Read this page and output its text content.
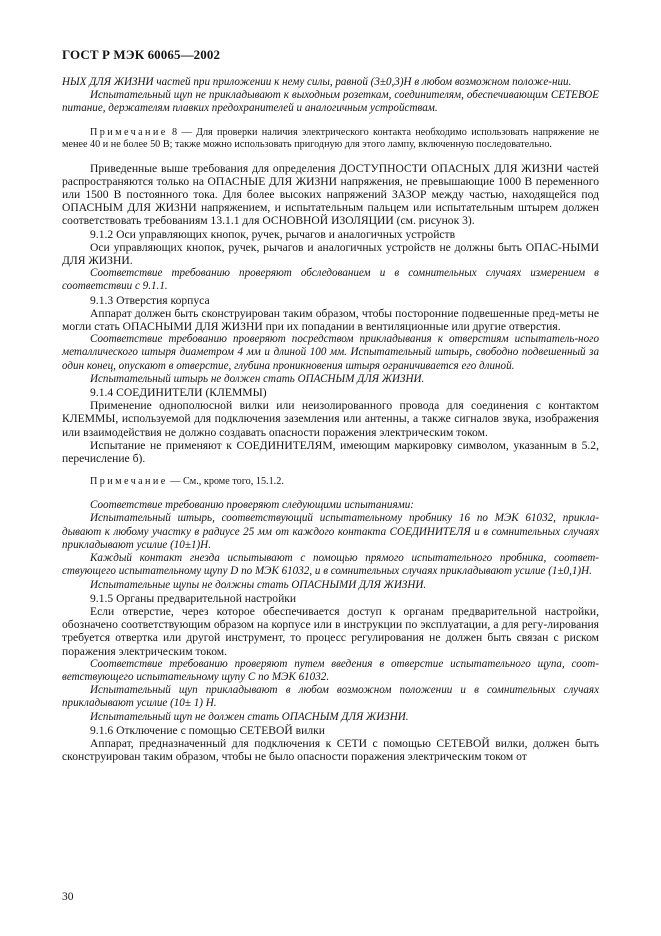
ГОСТ Р МЭК 60065—2002

НЫХ ДЛЯ ЖИЗНИ частей при приложении к нему силы, равной (3±0,3)Н в любом возможном положе-нии.

Испытательный щуп не прикладывают к выходным розеткам, соединителям, обеспечивающим СЕТЕВОЕ питание, держателям плавких предохранителей и аналогичным устройствам.

Примечание 8 — Для проверки наличия электрического контакта необходимо использовать напряжение не менее 40 и не более 50 В; также можно использовать пригодную для этого лампу, включенную последовательно.

Приведенные выше требования для определения ДОСТУПНОСТИ ОПАСНЫХ ДЛЯ ЖИЗНИ частей распространяются только на ОПАСНЫЕ ДЛЯ ЖИЗНИ напряжения, не превышающие 1000 В переменного или 1500 В постоянного тока. Для более высоких напряжений ЗАЗОР между частью, находящейся под ОПАСНЫМ ДЛЯ ЖИЗНИ напряжением, и испытательным пальцем или испытательным штырем должен соответствовать требованиям 13.1.1 для ОСНОВНОЙ ИЗОЛЯЦИИ (см. рисунок 3).

9.1.2 Оси управляющих кнопок, ручек, рычагов и аналогичных устройств

Оси управляющих кнопок, ручек, рычагов и аналогичных устройств не должны быть ОПАС-НЫМИ ДЛЯ ЖИЗНИ.

Соответствие требованию проверяют обследованием и в сомнительных случаях измерением в соответствии с 9.1.1.

9.1.3 Отверстия корпуса

Аппарат должен быть сконструирован таким образом, чтобы посторонние подвешенные пред-меты не могли стать ОПАСНЫМИ ДЛЯ ЖИЗНИ при их попадании в вентиляционные или другие отверстия.

Соответствие требованию проверяют посредством прикладывания к отверстиям испытатель-ного металлического штыря диаметром 4 мм и длиной 100 мм. Испытательный штырь, свободно подвешенный за один конец, опускают в отверстие, глубина проникновения штыря ограничивается его длиной.

Испытательный штырь не должен стать ОПАСНЫМ ДЛЯ ЖИЗНИ.

9.1.4 СОЕДИНИТЕЛИ (КЛЕММЫ)

Применение однополюсной вилки или неизолированного провода для соединения с контактом КЛЕММЫ, используемой для подключения заземления или антенны, а также сигналов звука, изображения или взаимодействия не должно создавать опасности поражения электрическим током.

Испытание не применяют к СОЕДИНИТЕЛЯМ, имеющим маркировку символом, указанным в 5.2, перечисление б).

Примечание — См., кроме того, 15.1.2.

Соответствие требованию проверяют следующими испытаниями:

Испытательный штырь, соответствующий испытательному пробнику 16 по МЭК 61032, прикла-дывают к любому участку в радиусе 25 мм от каждого контакта СОЕДИНИТЕЛЯ и в сомнительных случаях прикладывают усилие (10±1)Н.

Каждый контакт гнезда испытывают с помощью прямого испытательного пробника, соответ-ствующего испытательному щупу D по МЭК 61032, и в сомнительных случаях прикладывают усилие (1±0,1)Н.

Испытательные щупы не должны стать ОПАСНЫМИ ДЛЯ ЖИЗНИ.

9.1.5 Органы предварительной настройки

Если отверстие, через которое обеспечивается доступ к органам предварительной настройки, обозначено соответствующим образом на корпусе или в инструкции по эксплуатации, а для регу-лирования требуется отвертка или другой инструмент, то процесс регулирования не должен быть связан с риском поражения электрическим током.

Соответствие требованию проверяют путем введения в отверстие испытательного щупа, соот-ветствующего испытательному щупу С по МЭК 61032.

Испытательный щуп прикладывают в любом возможном положении и в сомнительных случаях прикладывают усилие (10± 1) Н.

Испытательный щуп не должен стать ОПАСНЫМ ДЛЯ ЖИЗНИ.

9.1.6 Отключение с помощью СЕТЕВОЙ вилки

Аппарат, предназначенный для подключения к СЕТИ с помощью СЕТЕВОЙ вилки, должен быть сконструирован таким образом, чтобы не было опасности поражения электрическим током от

30
